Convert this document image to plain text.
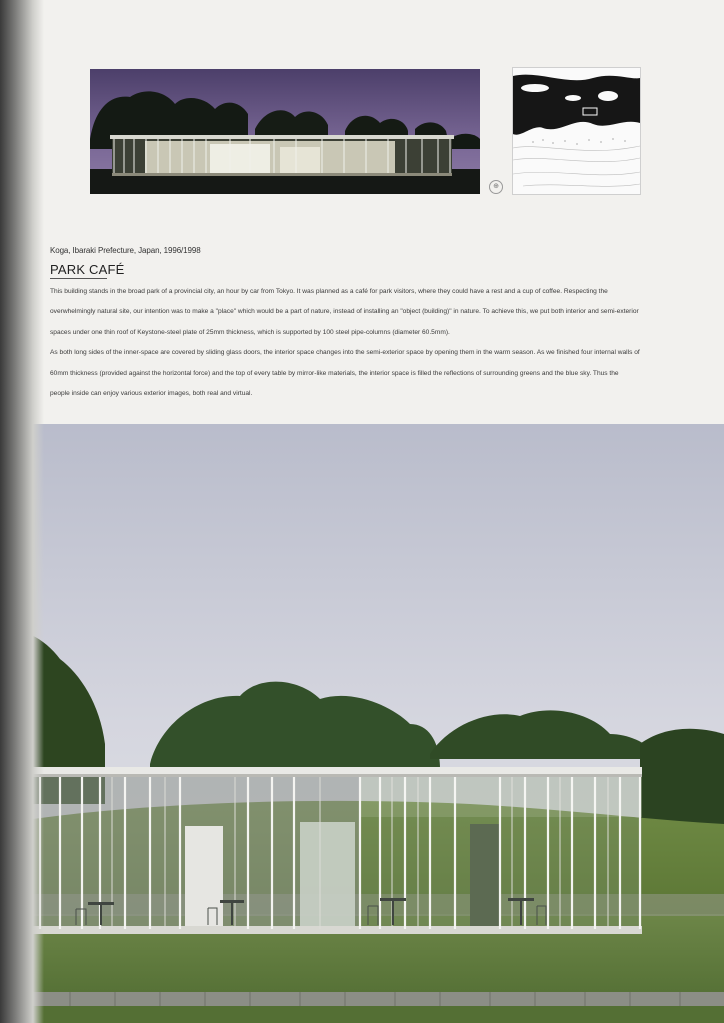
⊕
Koga, Ibaraki Prefecture, Japan, 1996/1998
PARK CAFÉ

This building stands in the broad park of a provincial city, an hour by car from Tokyo. It was planned as a café for park visitors, where they could have a rest and a cup of coffee. Respecting the overwhelmingly natural site, our intention was to make a "place" which would be a part of nature, instead of installing an "object (building)" in nature. To achieve this, we put both interior and semi-exterior spaces under one thin roof of Keystone-steel plate of 25mm thickness, which is supported by 100 steel pipe-columns (diameter 60.5mm).

As both long sides of the inner-space are covered by sliding glass doors, the interior space changes into the semi-exterior space by opening them in the warm season. As we finished four internal walls of 60mm thickness (provided against the horizontal force) and the top of every table by mirror-like materials, the interior space is filled the reflections of surrounding greens and the blue sky. Thus the people inside can enjoy various exterior images, both real and virtual.
